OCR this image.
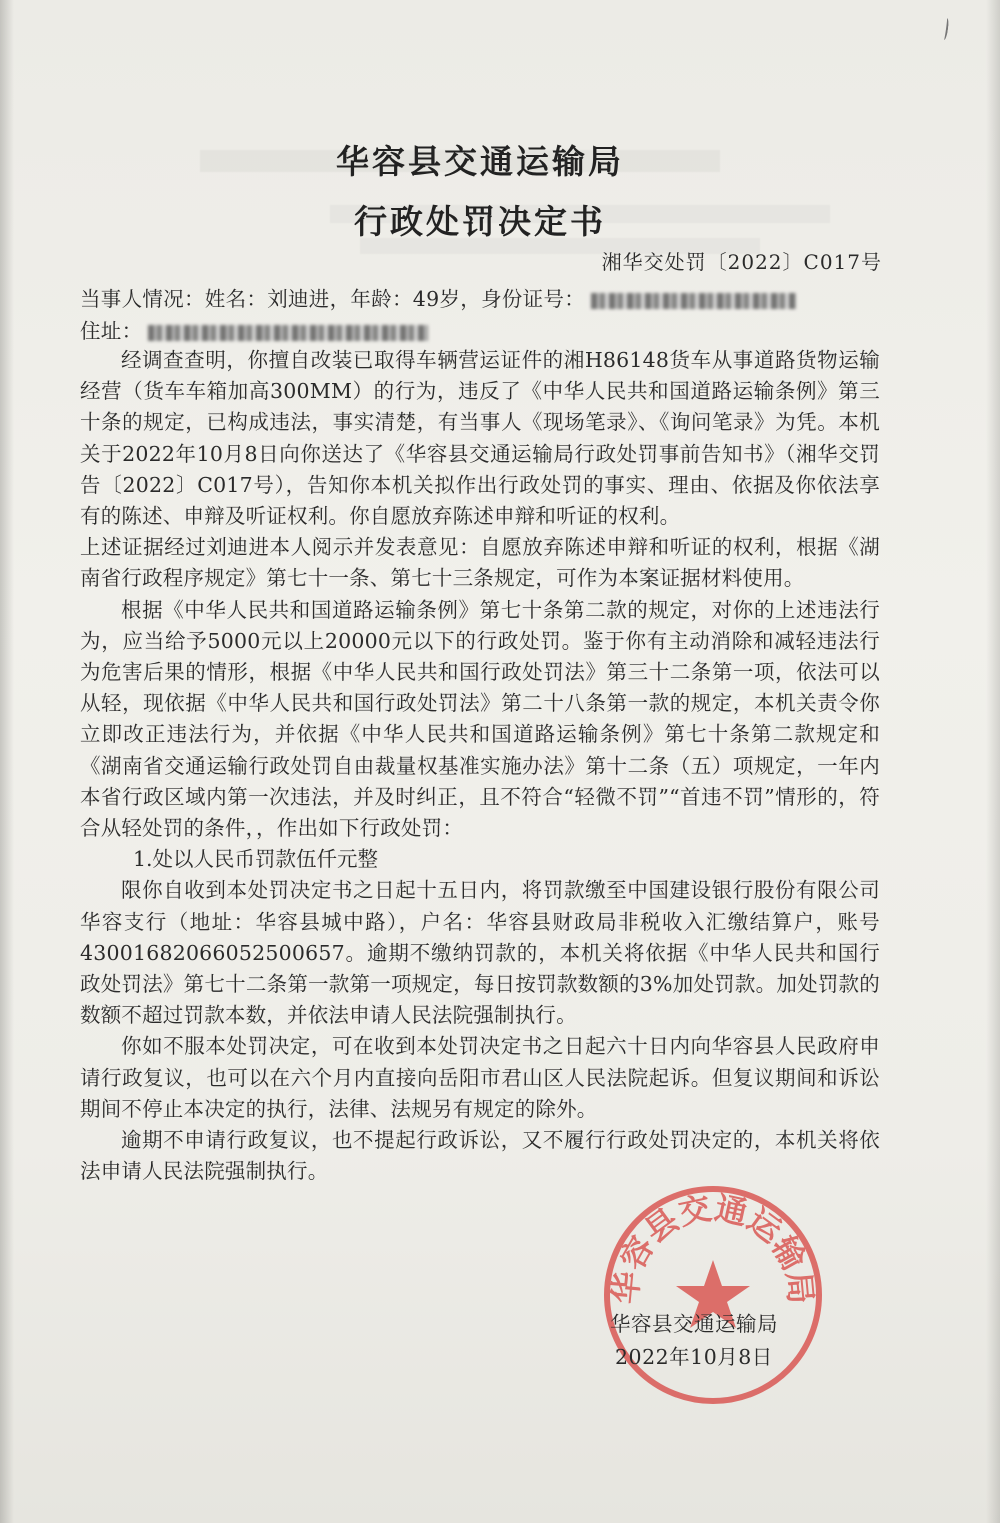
华容县交通运输局
行政处罚决定书
湘华交处罚〔2022〕C017号
当事人情况：姓名：刘迪进，年龄：49岁，身份证号：
住址：

经调查查明，你擅自改装已取得车辆营运证件的湘H86148货车从事道路货物运输经营（货车车箱加高300MM）的行为，违反了《中华人民共和国道路运输条例》第三十条的规定，已构成违法，事实清楚，有当事人《现场笔录》、《询问笔录》为凭。本机关于2022年10月8日向你送达了《华容县交通运输局行政处罚事前告知书》（湘华交罚告〔2022〕C017号），告知你本机关拟作出行政处罚的事实、理由、依据及你依法享有的陈述、申辩及听证权利。你自愿放弃陈述申辩和听证的权利。

上述证据经过刘迪进本人阅示并发表意见：自愿放弃陈述申辩和听证的权利，根据《湖南省行政程序规定》第七十一条、第七十三条规定，可作为本案证据材料使用。

根据《中华人民共和国道路运输条例》第七十条第二款的规定，对你的上述违法行为，应当给予5000元以上20000元以下的行政处罚。鉴于你有主动消除和减轻违法行为危害后果的情形，根据《中华人民共和国行政处罚法》第三十二条第一项，依法可以从轻，现依据《中华人民共和国行政处罚法》第二十八条第一款的规定，本机关责令你立即改正违法行为，并依据《中华人民共和国道路运输条例》第七十条第二款规定和《湖南省交通运输行政处罚自由裁量权基准实施办法》第十二条（五）项规定，一年内本省行政区域内第一次违法，并及时纠正，且不符合“轻微不罚”“首违不罚”情形的，符合从轻处罚的条件，，作出如下行政处罚：

1.处以人民币罚款伍仟元整

限你自收到本处罚决定书之日起十五日内，将罚款缴至中国建设银行股份有限公司华容支行（地址：华容县城中路），户名：华容县财政局非税收入汇缴结算户，账号43001682066052500657。逾期不缴纳罚款的，本机关将依据《中华人民共和国行政处罚法》第七十二条第一款第一项规定，每日按罚款数额的3%加处罚款。加处罚款的数额不超过罚款本数，并依法申请人民法院强制执行。

你如不服本处罚决定，可在收到本处罚决定书之日起六十日内向华容县人民政府申请行政复议，也可以在六个月内直接向岳阳市君山区人民法院起诉。但复议期间和诉讼期间不停止本决定的执行，法律、法规另有规定的除外。

逾期不申请行政复议，也不提起行政诉讼，又不履行行政处罚决定的，本机关将依法申请人民法院强制执行。

华容县交通运输局
华容县交通运输局
2022年10月8日
